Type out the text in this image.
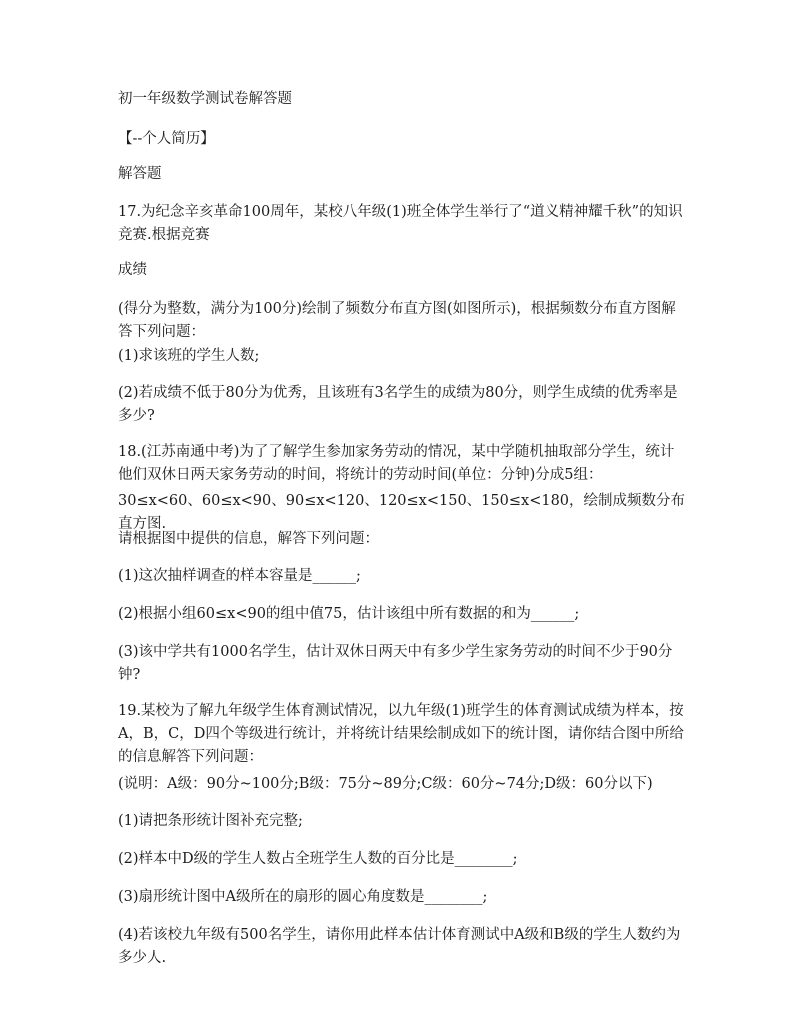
初一年级数学测试卷解答题

【--个人简历】

解答题

17.为纪念辛亥革命100周年，某校八年级(1)班全体学生举行了“道义精神耀千秋”的知识竞赛.根据竞赛

成绩

(得分为整数，满分为100分)绘制了频数分布直方图(如图所示)，根据频数分布直方图解答下列问题：

(1)求该班的学生人数;

(2)若成绩不低于80分为优秀，且该班有3名学生的成绩为80分，则学生成绩的优秀率是多少?

18.(江苏南通中考)为了了解学生参加家务劳动的情况，某中学随机抽取部分学生，统计他们双休日两天家务劳动的时间，将统计的劳动时间(单位：分钟)分成5组：

30≤x<60、60≤x<90、90≤x<120、120≤x<150、150≤x<180，绘制成频数分布直方图.

请根据图中提供的信息，解答下列问题：

(1)这次抽样调查的样本容量是______;

(2)根据小组60≤x<90的组中值75，估计该组中所有数据的和为______;

(3)该中学共有1000名学生，估计双休日两天中有多少学生家务劳动的时间不少于90分钟?

19.某校为了解九年级学生体育测试情况，以九年级(1)班学生的体育测试成绩为样本，按A，B，C，D四个等级进行统计，并将统计结果绘制成如下的统计图，请你结合图中所给的信息解答下列问题：

(说明：A级：90分~100分;B级：75分~89分;C级：60分~74分;D级：60分以下)

(1)请把条形统计图补充完整;

(2)样本中D级的学生人数占全班学生人数的百分比是________;

(3)扇形统计图中A级所在的扇形的圆心角度数是________;

(4)若该校九年级有500名学生，请你用此样本估计体育测试中A级和B级的学生人数约为多少人.
